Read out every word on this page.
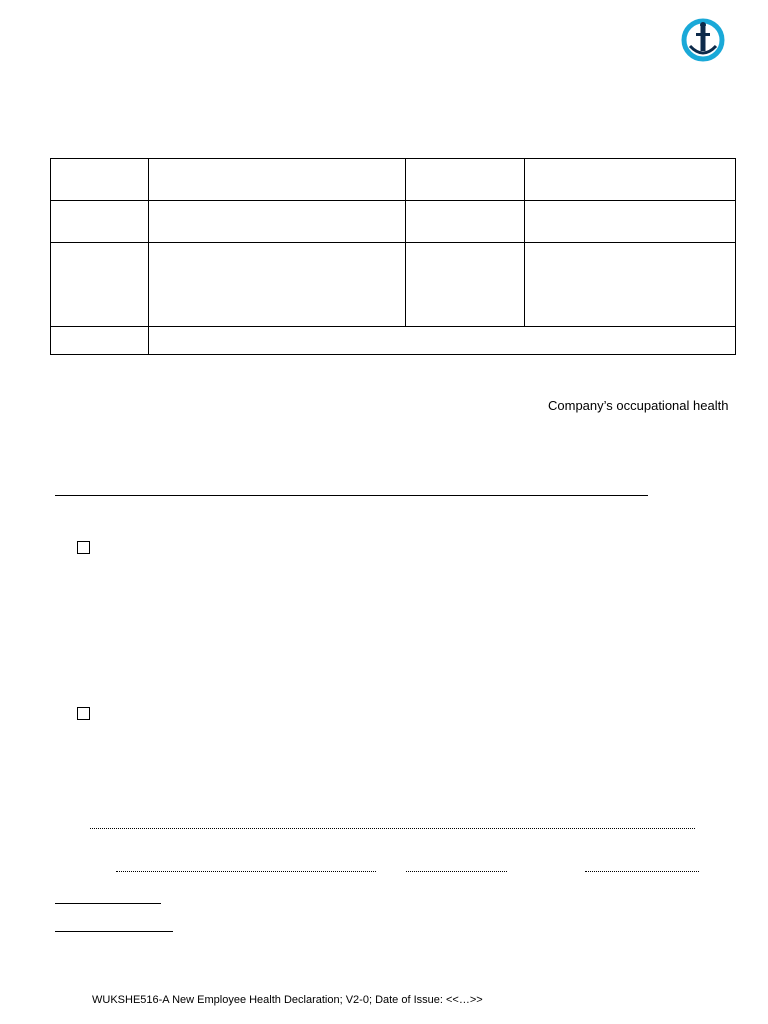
Company’s occupational health
WUKSHE516-A New Employee Health Declaration; V2-0; Date of Issue: <<…>>
